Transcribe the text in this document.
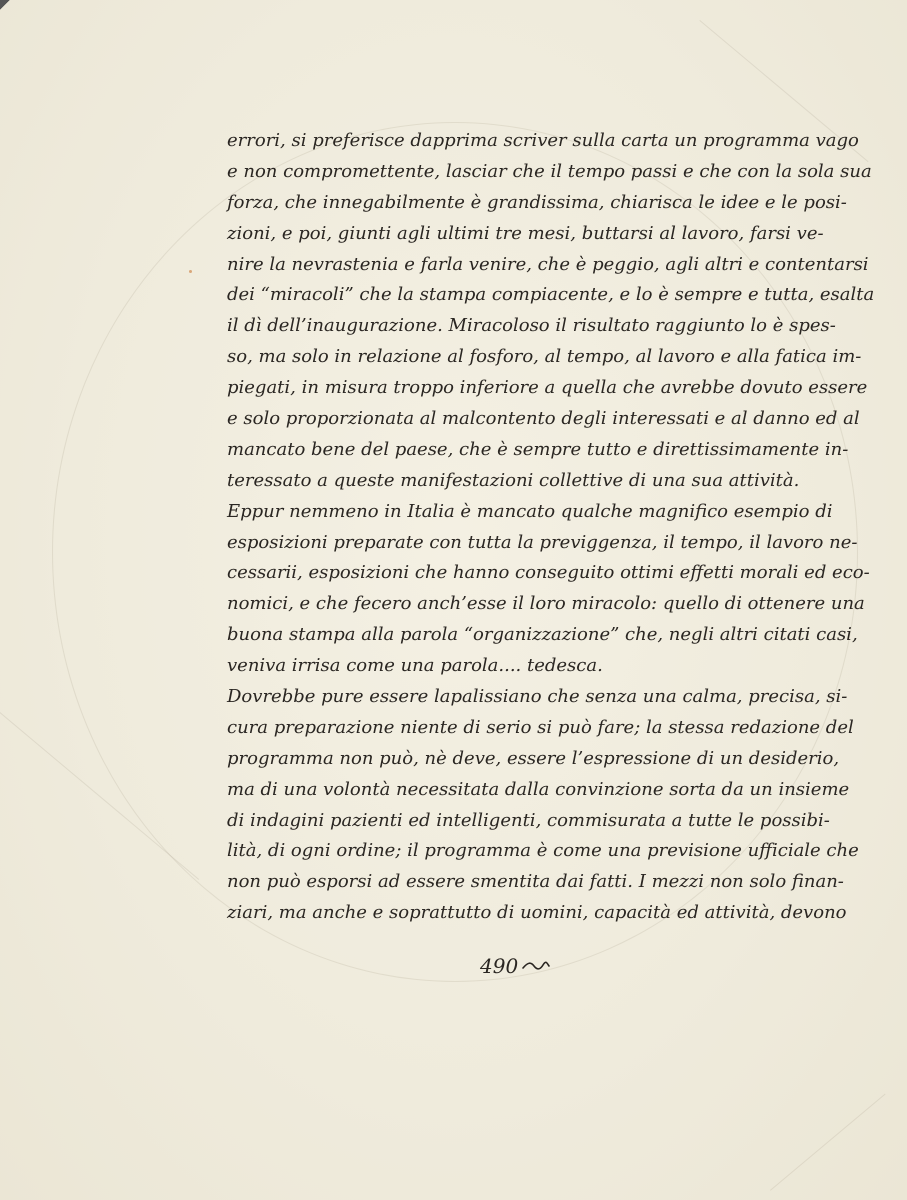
errori, si preferisce dapprima scriver sulla carta un programma vago
e non compromettente, lasciar che il tempo passi e che con la sola sua
forza, che innegabilmente è grandissima, chiarisca le idee e le posi-
zioni, e poi, giunti agli ultimi tre mesi, buttarsi al lavoro, farsi ve-
nire la nevrastenia e farla venire, che è peggio, agli altri e contentarsi
dei “miracoli” che la stampa compiacente, e lo è sempre e tutta, esalta
il dì dell’inaugurazione. Miracoloso il risultato raggiunto lo è spes-
so, ma solo in relazione al fosforo, al tempo, al lavoro e alla fatica im-
piegati, in misura troppo inferiore a quella che avrebbe dovuto essere
e solo proporzionata al malcontento degli interessati e al danno ed al
mancato bene del paese, che è sempre tutto e direttissimamente in-
teressato a queste manifestazioni collettive di una sua attività.
Eppur nemmeno in Italia è mancato qualche magnifico esempio di
esposizioni preparate con tutta la previggenza, il tempo, il lavoro ne-
cessarii, esposizioni che hanno conseguito ottimi effetti morali ed eco-
nomici, e che fecero anch’esse il loro miracolo: quello di ottenere una
buona stampa alla parola “organizzazione” che, negli altri citati casi,
veniva irrisa come una parola.... tedesca.
Dovrebbe pure essere lapalissiano che senza una calma, precisa, si-
cura preparazione niente di serio si può fare; la stessa redazione del
programma non può, nè deve, essere l’espressione di un desiderio,
ma di una volontà necessitata dalla convinzione sorta da un insieme
di indagini pazienti ed intelligenti, commisurata a tutte le possibi-
lità, di ogni ordine; il programma è come una previsione ufficiale che
non può esporsi ad essere smentita dai fatti. I mezzi non solo finan-
ziari, ma anche e soprattutto di uomini, capacità ed attività, devono
490
